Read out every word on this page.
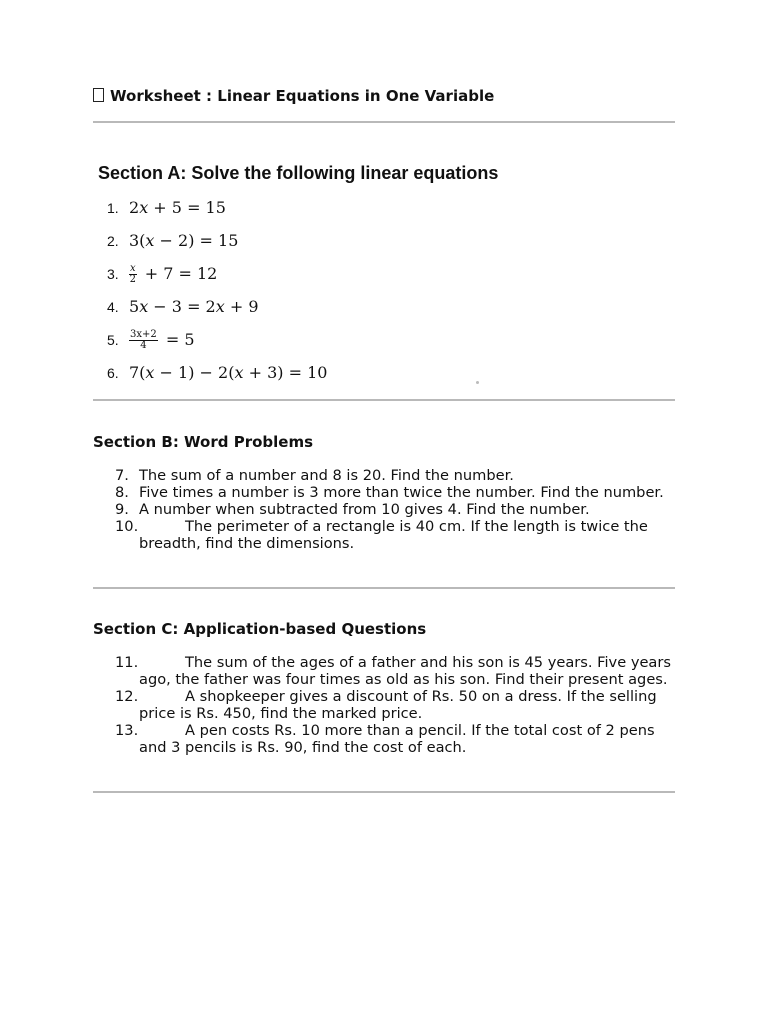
Worksheet : Linear Equations in One Variable
Section A: Solve the following linear equations
1. 2x + 5 = 15
2. 3(x − 2) = 15
3. $\frac{x}{2} + 7 = 12$
4. 5x − 3 = 2x + 9
5. $\frac{3x+2}{4} = 5$
6. 7(x − 1) − 2(x + 3) = 10
Section B: Word Problems
7. The sum of a number and 8 is 20. Find the number.
8. Five times a number is 3 more than twice the number. Find the number.
9. A number when subtracted from 10 gives 4. Find the number.
10.	The perimeter of a rectangle is 40 cm. If the length is twice the breadth, find the dimensions.
Section C: Application-based Questions
11.	The sum of the ages of a father and his son is 45 years. Five years ago, the father was four times as old as his son. Find their present ages.
12.	A shopkeeper gives a discount of Rs. 50 on a dress. If the selling price is Rs. 450, find the marked price.
13.	A pen costs Rs. 10 more than a pencil. If the total cost of 2 pens and 3 pencils is Rs. 90, find the cost of each.
